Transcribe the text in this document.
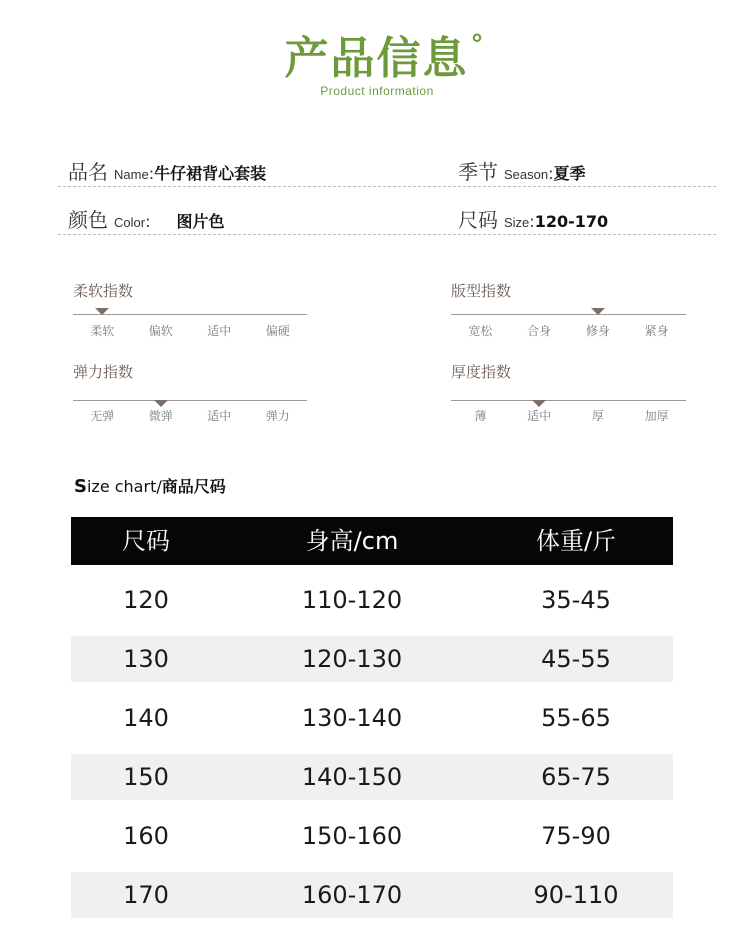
产品信息°
Product information
品名 Name:牛仔裙背心套装	季节 Season:夏季
颜色 Color: 图片色	尺码 Size:120-170
柔软指数
柔软	偏软	适中	偏硬
版型指数
宽松	合身	修身	紧身
弹力指数
无弹	微弹	适中	弹力
厚度指数
薄	适中	厚	加厚
Size chart/商品尺码
尺码	身高/cm	体重/斤
120	110-120	35-45
130	120-130	45-55
140	130-140	55-65
150	140-150	65-75
160	150-160	75-90
170	160-170	90-110
